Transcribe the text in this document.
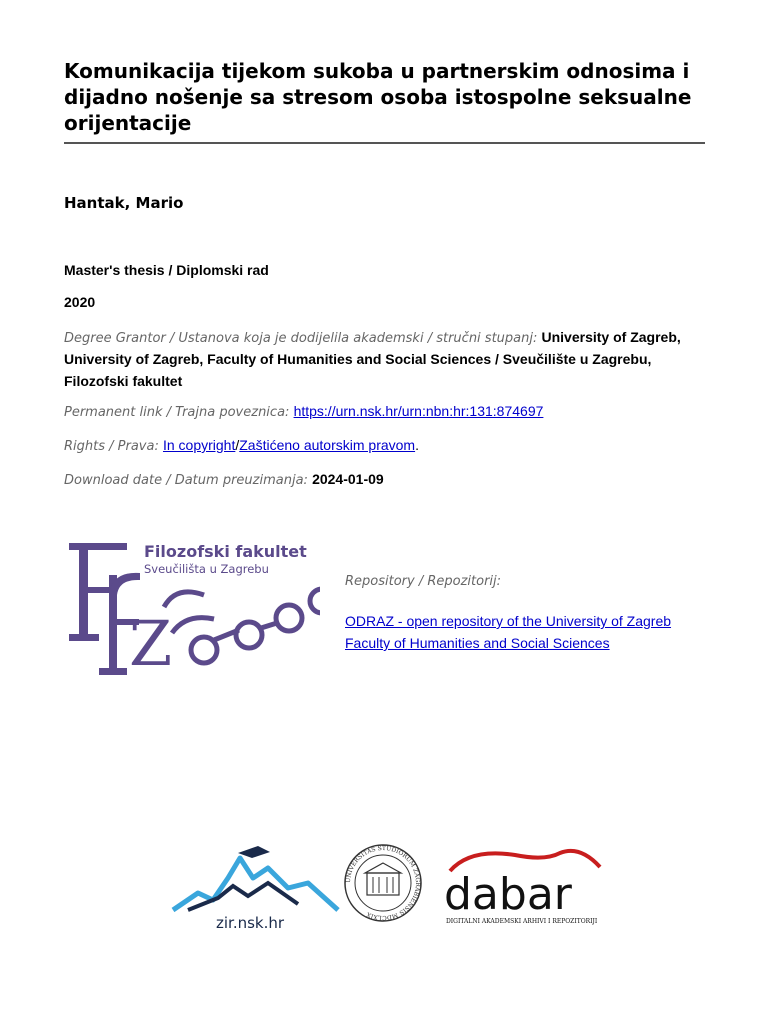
Komunikacija tijekom sukoba u partnerskim odnosima i dijadno nošenje sa stresom osoba istospolne seksualne orijentacije
Hantak, Mario
Master's thesis / Diplomski rad
2020
Degree Grantor / Ustanova koja je dodijelila akademski / stručni stupanj: University of Zagreb, University of Zagreb, Faculty of Humanities and Social Sciences / Sveučilište u Zagrebu, Filozofski fakultet
Permanent link / Trajna poveznica: https://urn.nsk.hr/urn:nbn:hr:131:874697
Rights / Prava: In copyright/Zaštićeno autorskim pravom.
Download date / Datum preuzimanja: 2024-01-09
Z
Filozofski fakultet
Sveučilišta u Zagrebu
Repository / Repozitorij:
ODRAZ - open repository of the University of Zagreb Faculty of Humanities and Social Sciences
zir.nsk.hr
UNIVERSITAS STUDIORUM ZAGRABIENSIS MDCLXIX	dabar
DIGITALNI AKADEMSKI ARHIVI I REPOZITORIJI
